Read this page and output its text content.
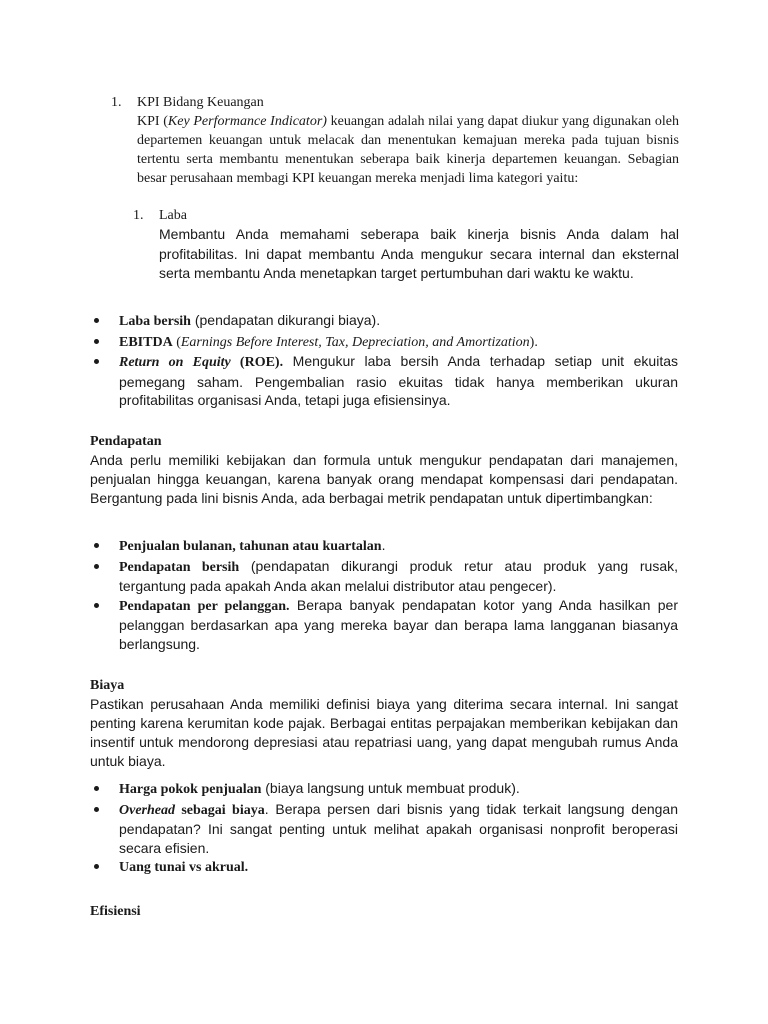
1. KPI Bidang Keuangan

KPI (Key Performance Indicator) keuangan adalah nilai yang dapat diukur yang digunakan oleh departemen keuangan untuk melacak dan menentukan kemajuan mereka pada tujuan bisnis tertentu serta membantu menentukan seberapa baik kinerja departemen keuangan. Sebagian besar perusahaan membagi KPI keuangan mereka menjadi lima kategori yaitu:

1. Laba

Membantu Anda memahami seberapa baik kinerja bisnis Anda dalam hal profitabilitas. Ini dapat membantu Anda mengukur secara internal dan eksternal serta membantu Anda menetapkan target pertumbuhan dari waktu ke waktu.

Laba bersih (pendapatan dikurangi biaya).
EBITDA (Earnings Before Interest, Tax, Depreciation, and Amortization).
Return on Equity (ROE). Mengukur laba bersih Anda terhadap setiap unit ekuitas pemegang saham. Pengembalian rasio ekuitas tidak hanya memberikan ukuran profitabilitas organisasi Anda, tetapi juga efisiensinya.

Pendapatan

Anda perlu memiliki kebijakan dan formula untuk mengukur pendapatan dari manajemen, penjualan hingga keuangan, karena banyak orang mendapat kompensasi dari pendapatan. Bergantung pada lini bisnis Anda, ada berbagai metrik pendapatan untuk dipertimbangkan:

Penjualan bulanan, tahunan atau kuartalan.
Pendapatan bersih (pendapatan dikurangi produk retur atau produk yang rusak, tergantung pada apakah Anda akan melalui distributor atau pengecer).
Pendapatan per pelanggan. Berapa banyak pendapatan kotor yang Anda hasilkan per pelanggan berdasarkan apa yang mereka bayar dan berapa lama langganan biasanya berlangsung.

Biaya

Pastikan perusahaan Anda memiliki definisi biaya yang diterima secara internal. Ini sangat penting karena kerumitan kode pajak. Berbagai entitas perpajakan memberikan kebijakan dan insentif untuk mendorong depresiasi atau repatriasi uang, yang dapat mengubah rumus Anda untuk biaya.

Harga pokok penjualan (biaya langsung untuk membuat produk).
Overhead sebagai biaya. Berapa persen dari bisnis yang tidak terkait langsung dengan pendapatan? Ini sangat penting untuk melihat apakah organisasi nonprofit beroperasi secara efisien.
Uang tunai vs akrual.

Efisiensi
